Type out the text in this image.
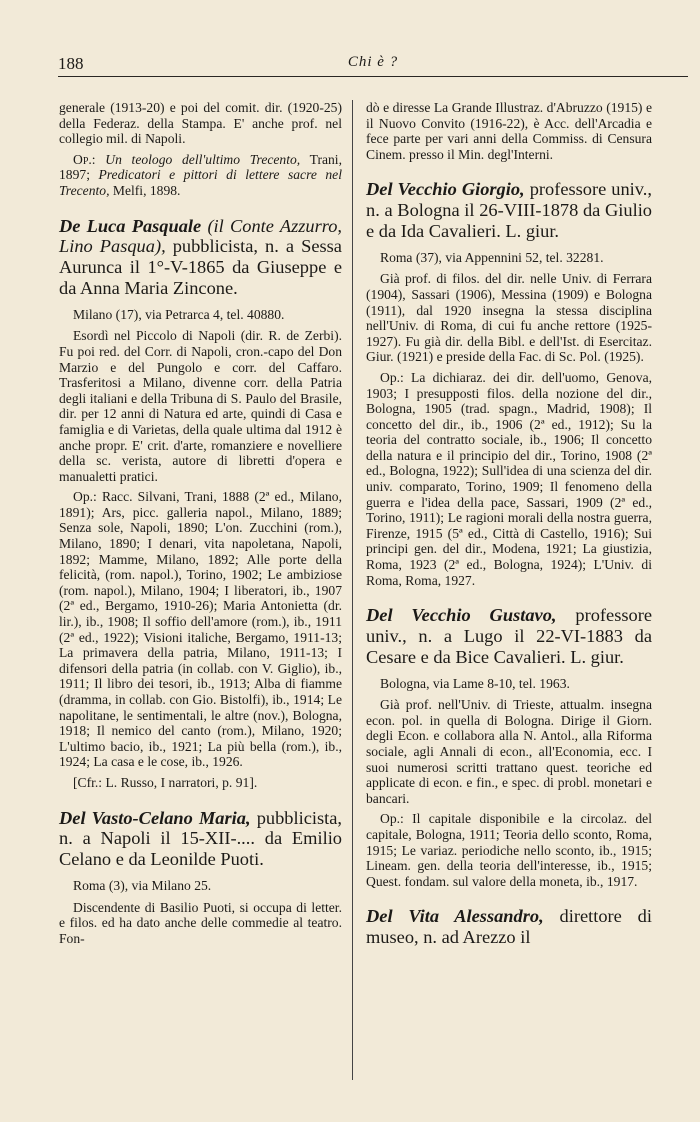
188	Chi è ?

generale (1913-20) e poi del comit. dir. (1920-25) della Federaz. della Stampa. E' anche prof. nel collegio mil. di Napoli.

Op.: Un teologo dell'ultimo Trecento, Trani, 1897; Predicatori e pittori di lettere sacre nel Trecento, Melfi, 1898.

De Luca Pasquale (il Conte Azzurro, Lino Pasqua), pubblicista, n. a Sessa Aurunca il 1°-V-1865 da Giuseppe e da Anna Maria Zincone.

Milano (17), via Petrarca 4, tel. 40880.

Esordì nel Piccolo di Napoli (dir. R. de Zerbi). Fu poi red. del Corr. di Napoli, cron.-capo del Don Marzio e del Pungolo e corr. del Caffaro. Trasferitosi a Milano, divenne corr. della Patria degli italiani e della Tribuna di S. Paulo del Brasile, dir. per 12 anni di Natura ed arte, quindi di Casa e famiglia e di Varietas, della quale ultima dal 1912 è anche propr. E' crit. d'arte, romanziere e novelliere della sc. verista, autore di libretti d'opera e manualetti pratici.

Op.: Racc. Silvani, Trani, 1888 (2ª ed., Milano, 1891); Ars, picc. galleria napol., Milano, 1889; Senza sole, Napoli, 1890; L'on. Zucchini (rom.), Milano, 1890; I denari, vita napoletana, Napoli, 1892; Mamme, Milano, 1892; Alle porte della felicità, (rom. napol.), Torino, 1902; Le ambiziose (rom. napol.), Milano, 1904; I liberatori, ib., 1907 (2ª ed., Bergamo, 1910-26); Maria Antonietta (dr. lir.), ib., 1908; Il soffio dell'amore (rom.), ib., 1911 (2ª ed., 1922); Visioni italiche, Bergamo, 1911-13; La primavera della patria, Milano, 1911-13; I difensori della patria (in collab. con V. Giglio), ib., 1911; Il libro dei tesori, ib., 1913; Alba di fiamme (dramma, in collab. con Gio. Bistolfi), ib., 1914; Le napolitane, le sentimentali, le altre (nov.), Bologna, 1918; Il nemico del canto (rom.), Milano, 1920; L'ultimo bacio, ib., 1921; La più bella (rom.), ib., 1924; La casa e le cose, ib., 1926.

[Cfr.: L. Russo, I narratori, p. 91].

Del Vasto-Celano Maria, pubblicista, n. a Napoli il 15-XII-.... da Emilio Celano e da Leonilde Puoti.

Roma (3), via Milano 25.

Discendente di Basilio Puoti, si occupa di letter. e filos. ed ha dato anche delle commedie al teatro. Fon-

dò e diresse La Grande Illustraz. d'Abruzzo (1915) e il Nuovo Convito (1916-22), è Acc. dell'Arcadia e fece parte per vari anni della Commiss. di Censura Cinem. presso il Min. degl'Interni.

Del Vecchio Giorgio, professore univ., n. a Bologna il 26-VIII-1878 da Giulio e da Ida Cavalieri. L. giur.

Roma (37), via Appennini 52, tel. 32281.

Già prof. di filos. del dir. nelle Univ. di Ferrara (1904), Sassari (1906), Messina (1909) e Bologna (1911), dal 1920 insegna la stessa disciplina nell'Univ. di Roma, di cui fu anche rettore (1925-1927). Fu già dir. della Bibl. e dell'Ist. di Esercitaz. Giur. (1921) e preside della Fac. di Sc. Pol. (1925).

Op.: La dichiaraz. dei dir. dell'uomo, Genova, 1903; I presupposti filos. della nozione del dir., Bologna, 1905 (trad. spagn., Madrid, 1908); Il concetto del dir., ib., 1906 (2ª ed., 1912); Su la teoria del contratto sociale, ib., 1906; Il concetto della natura e il principio del dir., Torino, 1908 (2ª ed., Bologna, 1922); Sull'idea di una scienza del dir. univ. comparato, Torino, 1909; Il fenomeno della guerra e l'idea della pace, Sassari, 1909 (2ª ed., Torino, 1911); Le ragioni morali della nostra guerra, Firenze, 1915 (5ª ed., Città di Castello, 1916); Sui principi gen. del dir., Modena, 1921; La giustizia, Roma, 1923 (2ª ed., Bologna, 1924); L'Univ. di Roma, Roma, 1927.

Del Vecchio Gustavo, professore univ., n. a Lugo il 22-VI-1883 da Cesare e da Bice Cavalieri. L. giur.

Bologna, via Lame 8-10, tel. 1963.

Già prof. nell'Univ. di Trieste, attualm. insegna econ. pol. in quella di Bologna. Dirige il Giorn. degli Econ. e collabora alla N. Antol., alla Riforma sociale, agli Annali di econ., all'Economia, ecc. I suoi numerosi scritti trattano quest. teoriche ed applicate di econ. e fin., e spec. di probl. monetari e bancari.

Op.: Il capitale disponibile e la circolaz. del capitale, Bologna, 1911; Teoria dello sconto, Roma, 1915; Le variaz. periodiche nello sconto, ib., 1915; Lineam. gen. della teoria dell'interesse, ib., 1915; Quest. fondam. sul valore della moneta, ib., 1917.

Del Vita Alessandro, direttore di museo, n. ad Arezzo il
